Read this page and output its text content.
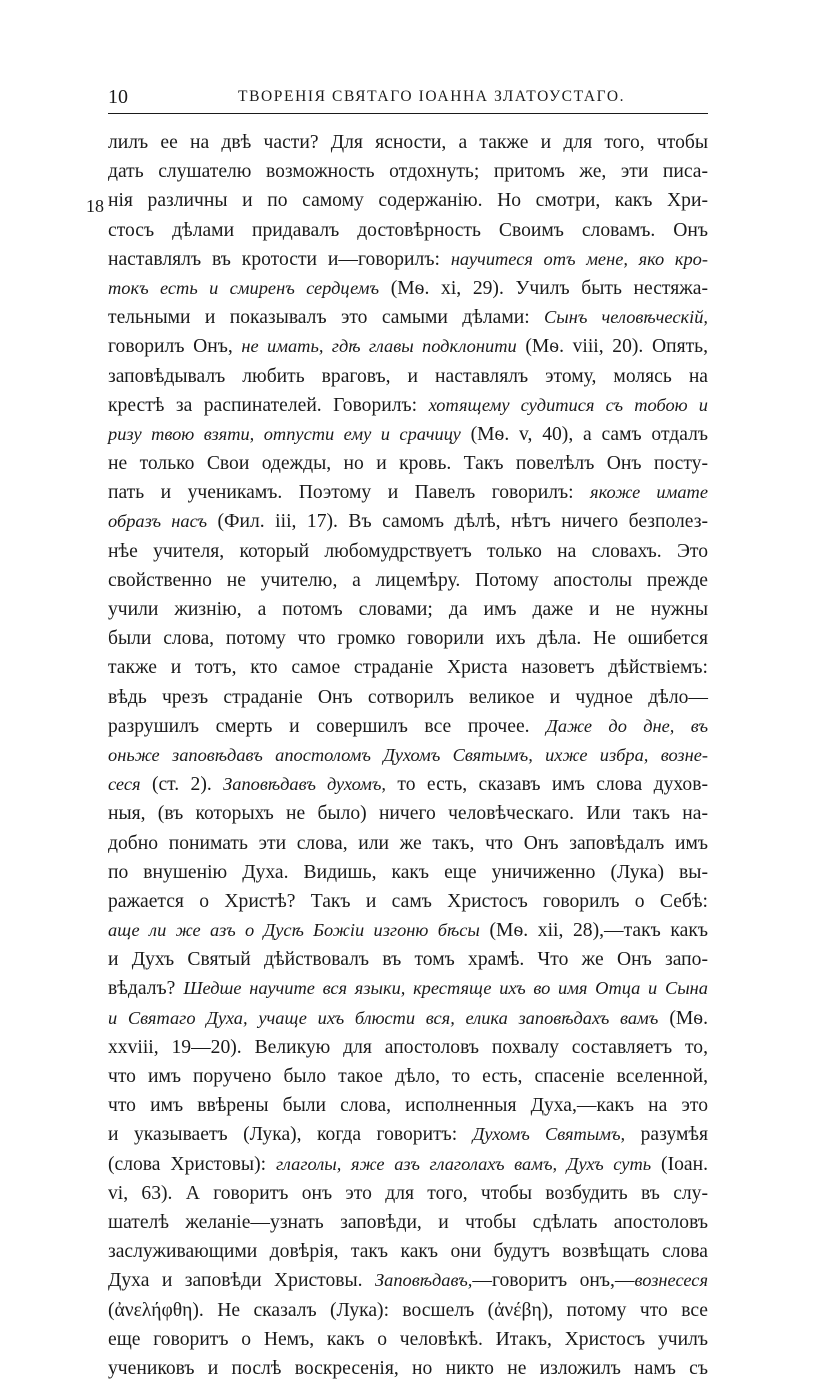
10	ТВОРЕНІЯ СВЯТАГО ІОАННА ЗЛАТОУСТАГО.
18
лилъ ее на двѣ части? Для ясности, а также и для того, чтобы
дать слушателю возможность отдохнуть; притомъ же, эти писа-
нія различны и по самому содержанію. Но смотри, какъ Хри-
стосъ дѣлами придавалъ достовѣрность Своимъ словамъ. Онъ
наставлялъ въ кротости и—говорилъ: научитеся отъ мене, яко кро-
токъ есть и смиренъ сердцемъ (Мѳ. xi, 29). Училъ быть нестяжа-
тельными и показывалъ это самыми дѣлами: Сынъ человѣческій,
говорилъ Онъ, не имать, гдѣ главы подклонити (Мѳ. viii, 20). Опять,
заповѣдывалъ любить враговъ, и наставлялъ этому, молясь на
крестѣ за распинателей. Говорилъ: хотящему судитися съ тобою и
ризу твою взяти, отпусти ему и срачицу (Мѳ. v, 40), а самъ отдалъ
не только Свои одежды, но и кровь. Такъ повелѣлъ Онъ посту-
пать и ученикамъ. Поэтому и Павелъ говорилъ: якоже имате
образъ насъ (Фил. iii, 17). Въ самомъ дѣлѣ, нѣтъ ничего безполез-
нѣе учителя, который любомудрствуетъ только на словахъ. Это
свойственно не учителю, а лицемѣру. Потому апостолы прежде
учили жизнію, а потомъ словами; да имъ даже и не нужны
были слова, потому что громко говорили ихъ дѣла. Не ошибется
также и тотъ, кто самое страданіе Христа назоветъ дѣйствіемъ:
вѣдь чрезъ страданіе Онъ сотворилъ великое и чудное дѣло—
разрушилъ смерть и совершилъ все прочее. Даже до дне, въ
оньже заповѣдавъ апостоломъ Духомъ Святымъ, ихже избра, возне-
сеся (ст. 2). Заповѣдавъ духомъ, то есть, сказавъ имъ слова духов-
ныя, (въ которыхъ не было) ничего человѣческаго. Или такъ на-
добно понимать эти слова, или же такъ, что Онъ заповѣдалъ имъ
по внушенію Духа. Видишь, какъ еще уничиженно (Лука) вы-
ражается о Христѣ? Такъ и самъ Христосъ говорилъ о Себѣ:
аще ли же азъ о Дусѣ Божіи изгоню бѣсы (Мѳ. xii, 28),—такъ какъ
и Духъ Святый дѣйствовалъ въ томъ храмѣ. Что же Онъ запо-
вѣдалъ? Шедше научите вся языки, крестяще ихъ во имя Отца и Сына
и Святаго Духа, учаще ихъ блюсти вся, елика заповѣдахъ вамъ (Мѳ.
xxviii, 19—20). Великую для апостоловъ похвалу составляетъ то,
что имъ поручено было такое дѣло, то есть, спасеніе вселенной,
что имъ ввѣрены были слова, исполненныя Духа,—какъ на это
и указываетъ (Лука), когда говоритъ: Духомъ Святымъ, разумѣя
(слова Христовы): глаголы, яже азъ глаголахъ вамъ, Духъ суть (Іоан.
vi, 63). А говоритъ онъ это для того, чтобы возбудить въ слу-
шателѣ желаніе—узнать заповѣди, и чтобы сдѣлать апостоловъ
заслуживающими довѣрія, такъ какъ они будутъ возвѣщать слова
Духа и заповѣди Христовы. Заповѣдавъ,—говоритъ онъ,—вознесеся
(ἀνελήφθη). Не сказалъ (Лука): восшелъ (ἀνέβη), потому что все
еще говоритъ о Немъ, какъ о человѣкѣ. Итакъ, Христосъ училъ
учениковъ и послѣ воскресенія, но никто не изложилъ намъ съ
